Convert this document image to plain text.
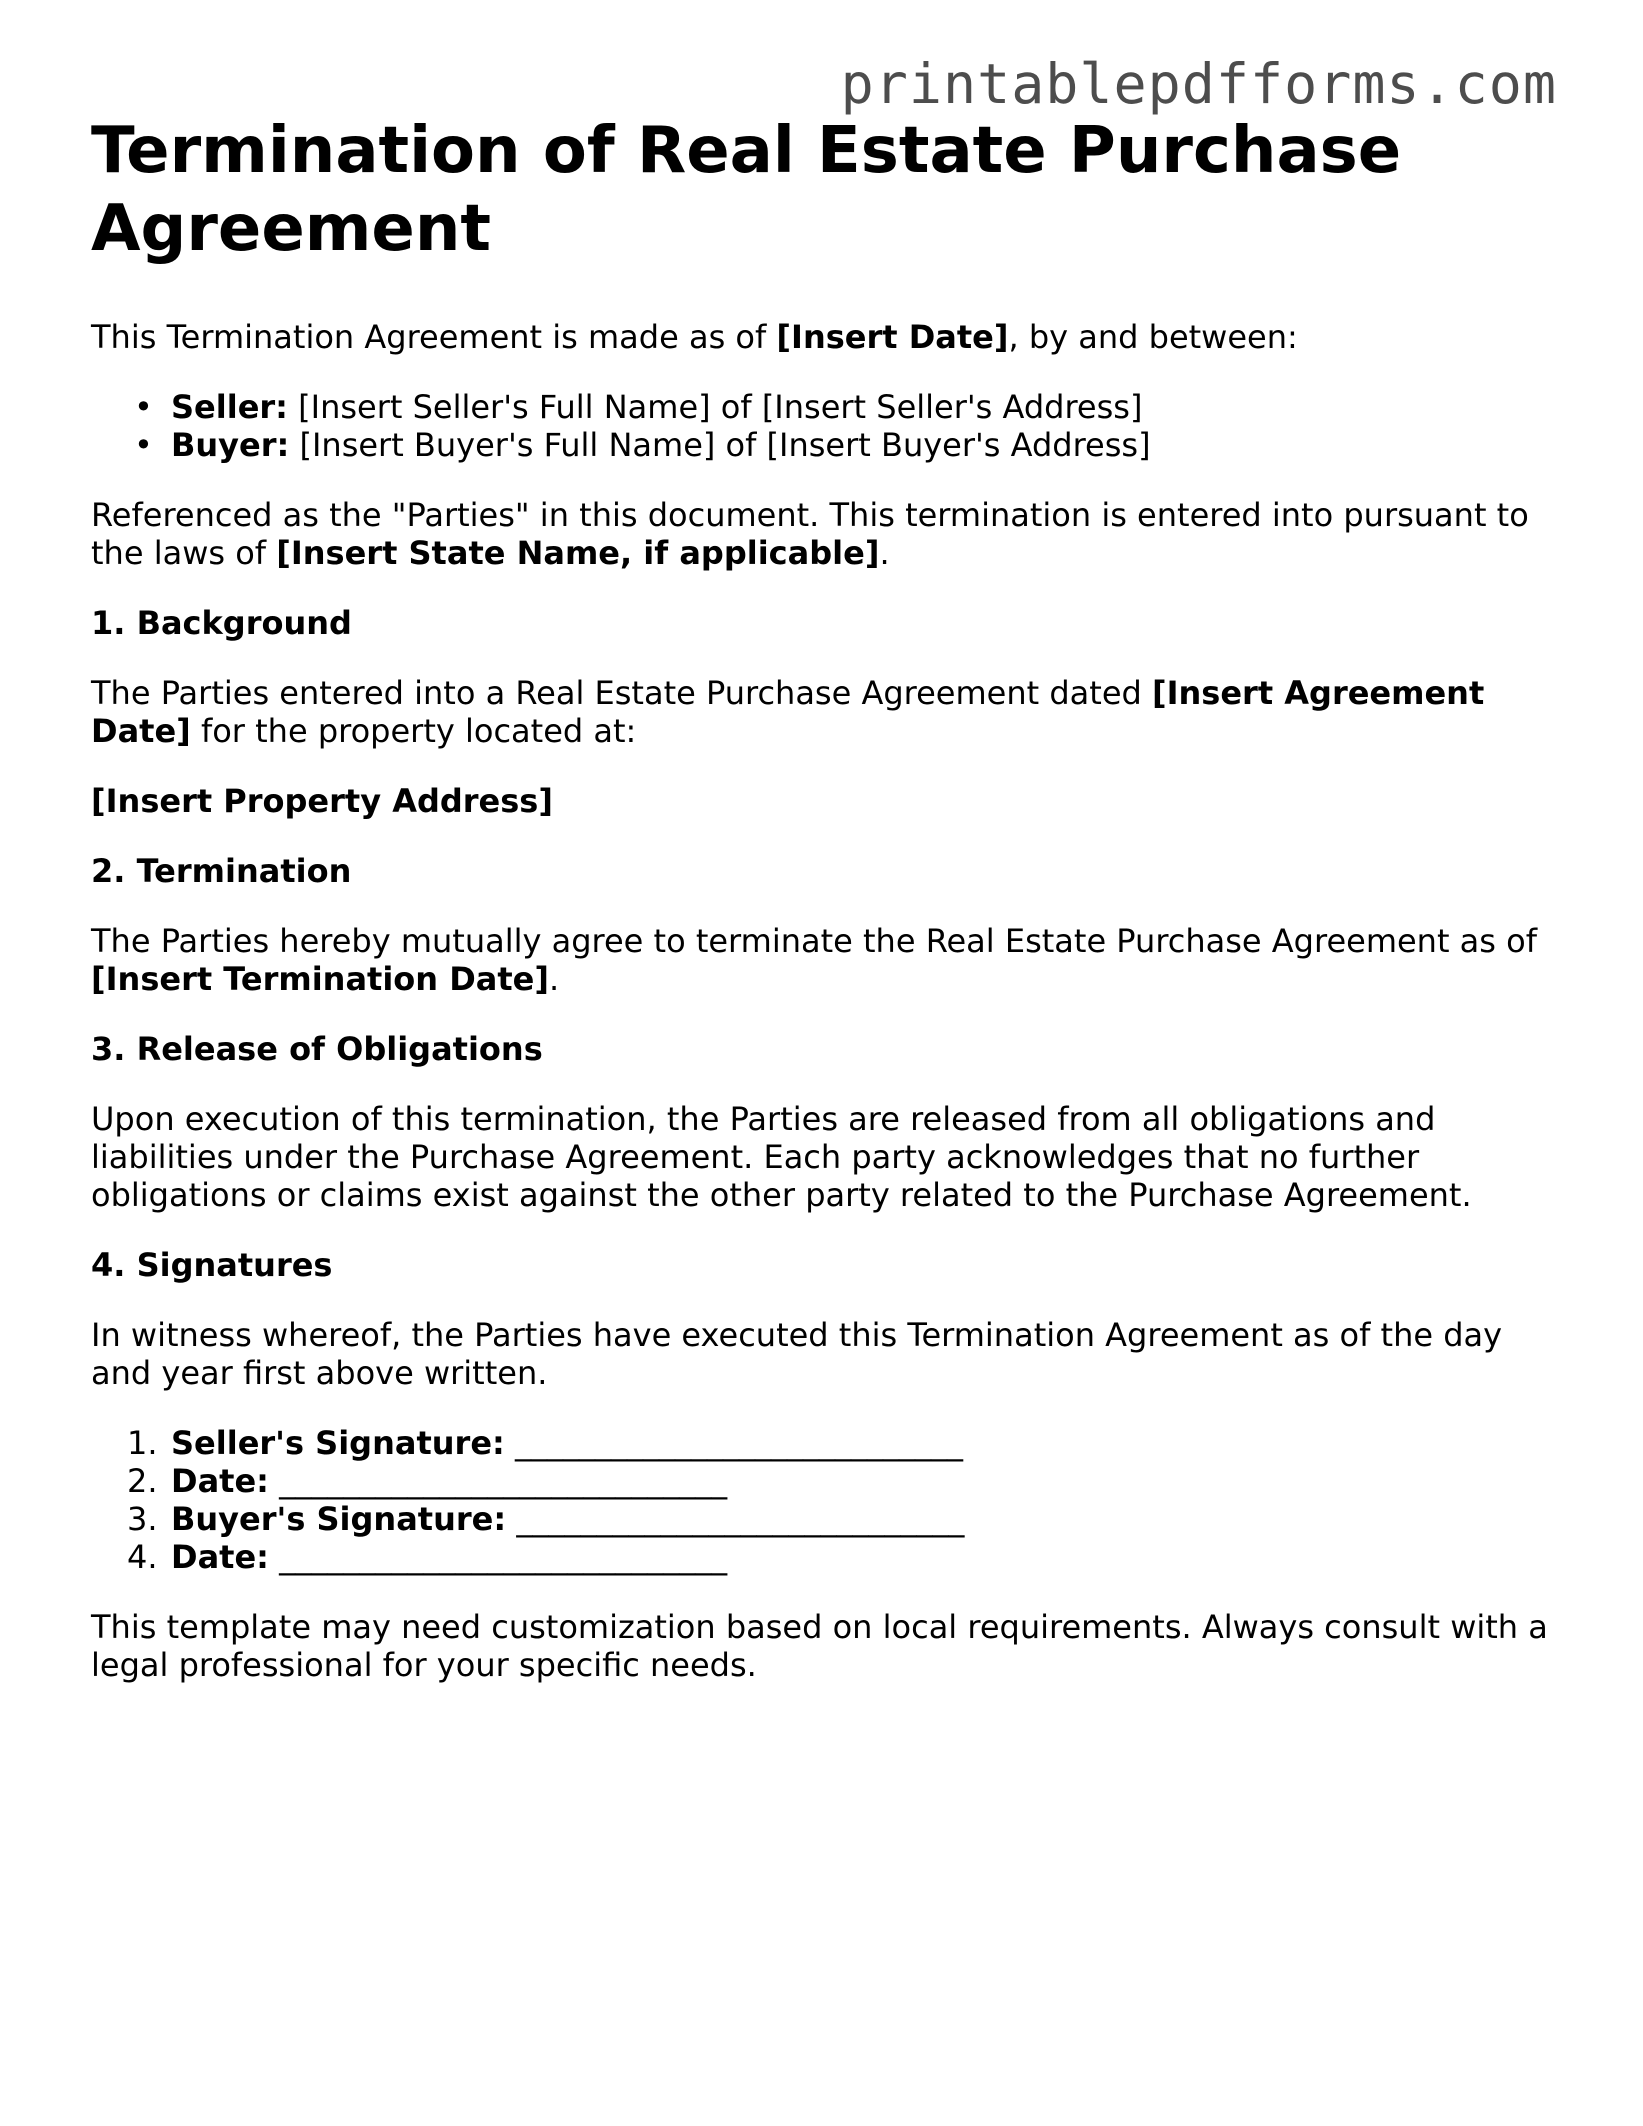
printablepdfforms.com
Termination of Real Estate Purchase Agreement

This Termination Agreement is made as of [Insert Date], by and between:

• Seller: [Insert Seller's Full Name] of [Insert Seller's Address]
• Buyer: [Insert Buyer's Full Name] of [Insert Buyer's Address]

Referenced as the "Parties" in this document. This termination is entered into pursuant to the laws of [Insert State Name, if applicable].

1. Background

The Parties entered into a Real Estate Purchase Agreement dated [Insert Agreement Date] for the property located at:

[Insert Property Address]

2. Termination

The Parties hereby mutually agree to terminate the Real Estate Purchase Agreement as of [Insert Termination Date].

3. Release of Obligations

Upon execution of this termination, the Parties are released from all obligations and liabilities under the Purchase Agreement. Each party acknowledges that no further obligations or claims exist against the other party related to the Purchase Agreement.

4. Signatures

In witness whereof, the Parties have executed this Termination Agreement as of the day and year first above written.

1. Seller's Signature: ____________________________
2. Date: ____________________________
3. Buyer's Signature: ____________________________
4. Date: ____________________________

This template may need customization based on local requirements. Always consult with a legal professional for your specific needs.
